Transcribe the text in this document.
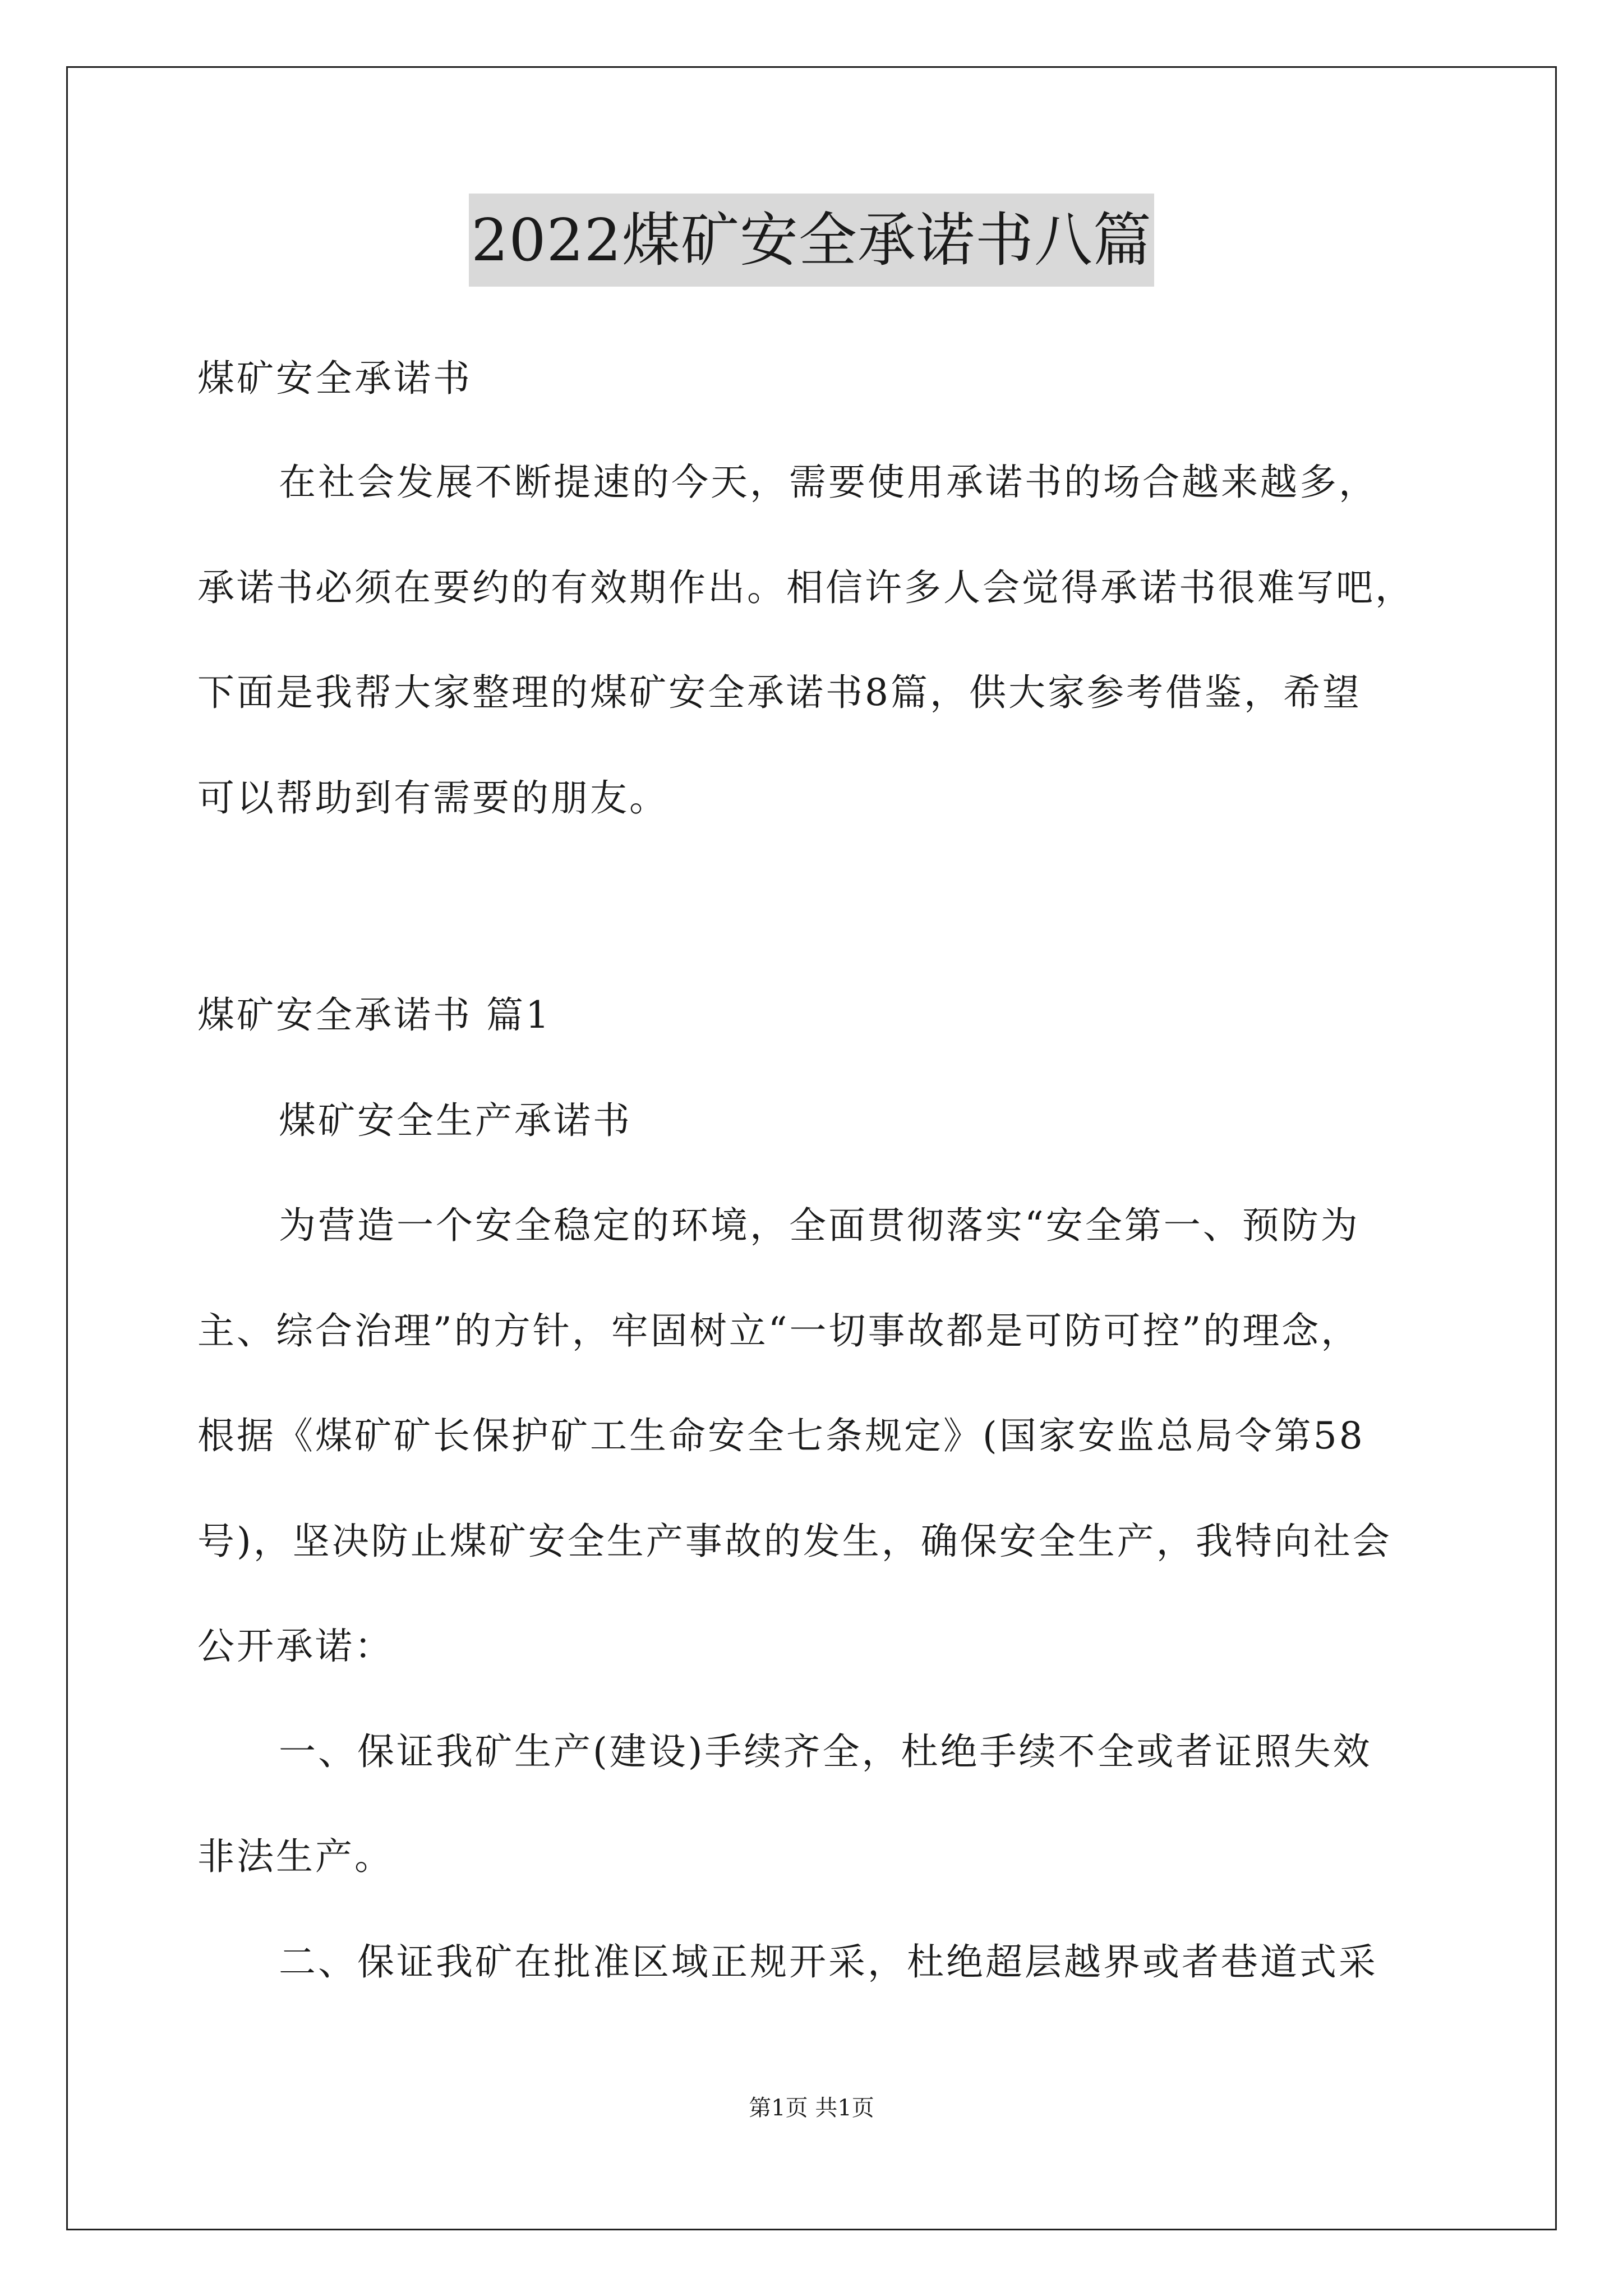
2022煤矿安全承诺书八篇
煤矿安全承诺书
在社会发展不断提速的今天，需要使用承诺书的场合越来越多，
承诺书必须在要约的有效期作出。相信许多人会觉得承诺书很难写吧，
下面是我帮大家整理的煤矿安全承诺书8篇，供大家参考借鉴，希望
可以帮助到有需要的朋友。
煤矿安全承诺书 篇1
煤矿安全生产承诺书
为营造一个安全稳定的环境，全面贯彻落实“安全第一、预防为
主、综合治理”的方针，牢固树立“一切事故都是可防可控”的理念，
根据《煤矿矿长保护矿工生命安全七条规定》(国家安监总局令第58
号)，坚决防止煤矿安全生产事故的发生，确保安全生产，我特向社会
公开承诺：
一、保证我矿生产(建设)手续齐全，杜绝手续不全或者证照失效
非法生产。
二、保证我矿在批准区域正规开采，杜绝超层越界或者巷道式采
第1页 共1页
